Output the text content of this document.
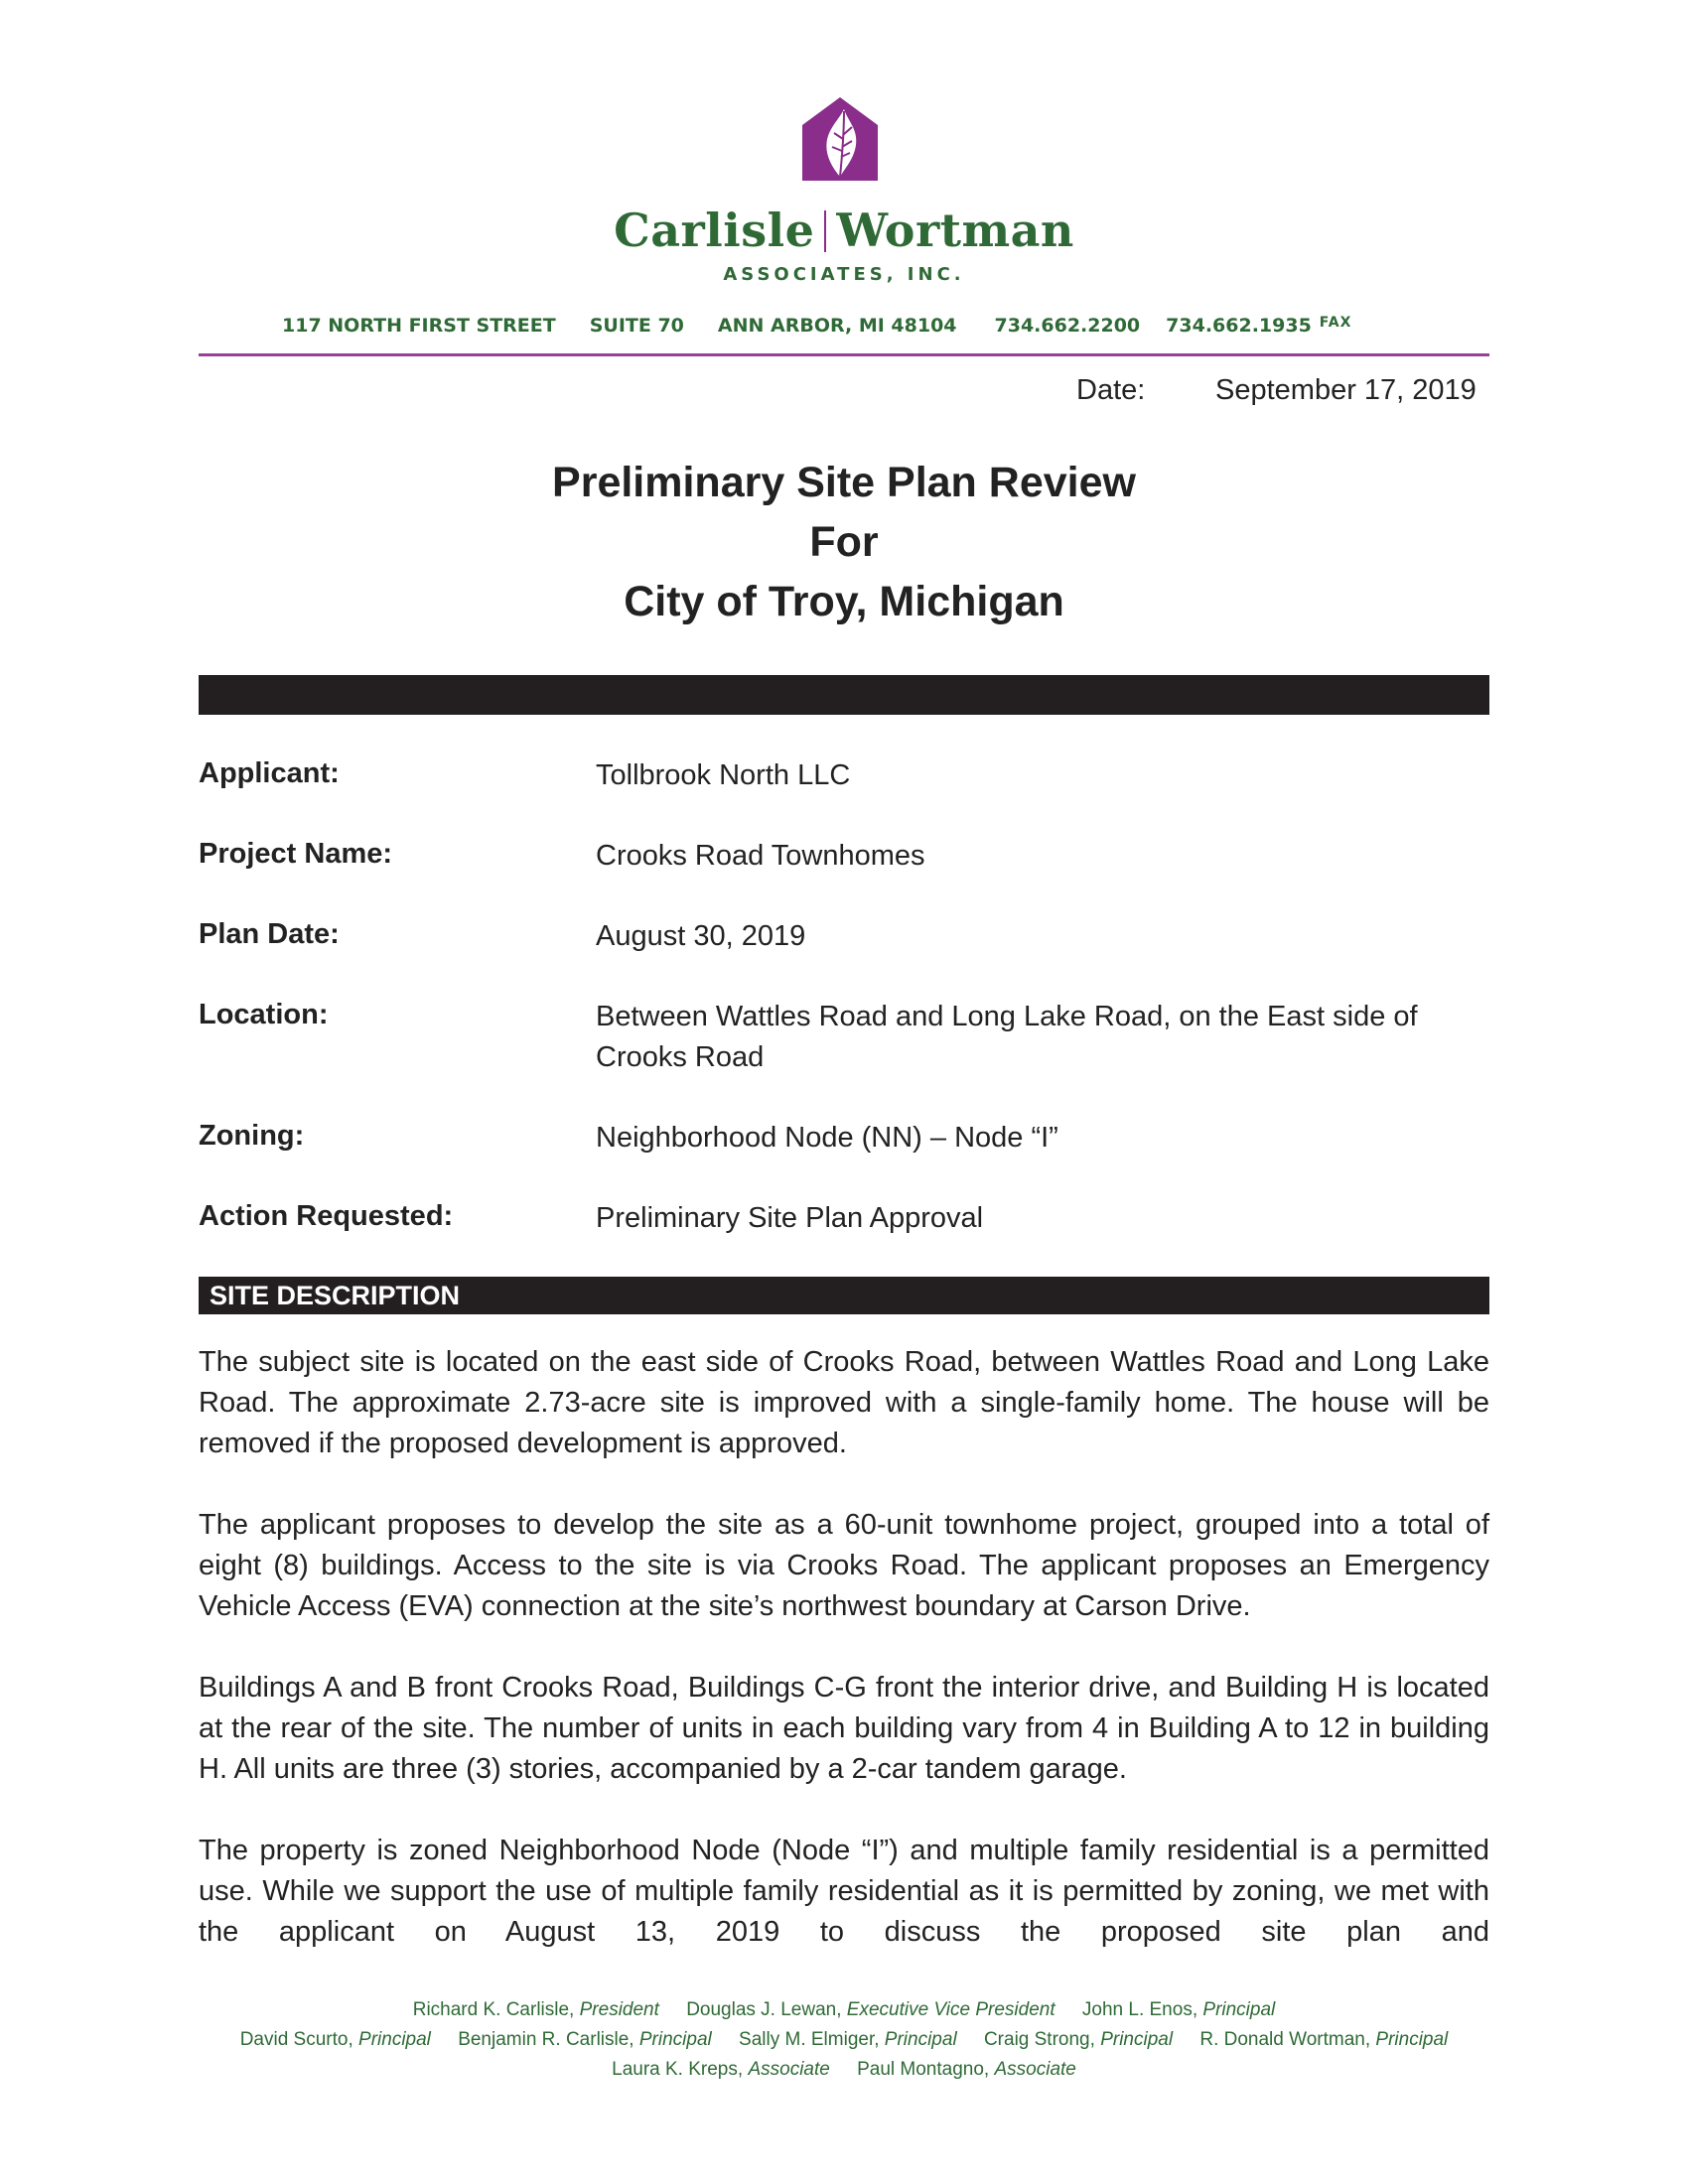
Carlisle Wortman
ASSOCIATES, INC.
117 NORTH FIRST STREET SUITE 70 ANN ARBOR, MI 48104 734.662.2200 734.662.1935 FAX
Date: September 17, 2019
Preliminary Site Plan Review
For
City of Troy, Michigan
Applicant:	Tollbrook North LLC
Project Name:	Crooks Road Townhomes
Plan Date:	August 30, 2019
Location:	Between Wattles Road and Long Lake Road, on the East side of Crooks Road
Zoning:	Neighborhood Node (NN) – Node “I”
Action Requested:	Preliminary Site Plan Approval
SITE DESCRIPTION

The subject site is located on the east side of Crooks Road, between Wattles Road and Long Lake Road. The approximate 2.73-acre site is improved with a single-family home. The house will be removed if the proposed development is approved.

The applicant proposes to develop the site as a 60-unit townhome project, grouped into a total of eight (8) buildings. Access to the site is via Crooks Road. The applicant proposes an Emergency Vehicle Access (EVA) connection at the site’s northwest boundary at Carson Drive.

Buildings A and B front Crooks Road, Buildings C-G front the interior drive, and Building H is located at the rear of the site. The number of units in each building vary from 4 in Building A to 12 in building H. All units are three (3) stories, accompanied by a 2-car tandem garage.

The property is zoned Neighborhood Node (Node “I”) and multiple family residential is a permitted use. While we support the use of multiple family residential as it is permitted by zoning, we met with the applicant on August 13, 2019 to discuss the proposed site plan and

Richard K. Carlisle, President Douglas J. Lewan, Executive Vice President John L. Enos, Principal
David Scurto, Principal Benjamin R. Carlisle, Principal Sally M. Elmiger, Principal Craig Strong, Principal R. Donald Wortman, Principal
Laura K. Kreps, Associate Paul Montagno, Associate
